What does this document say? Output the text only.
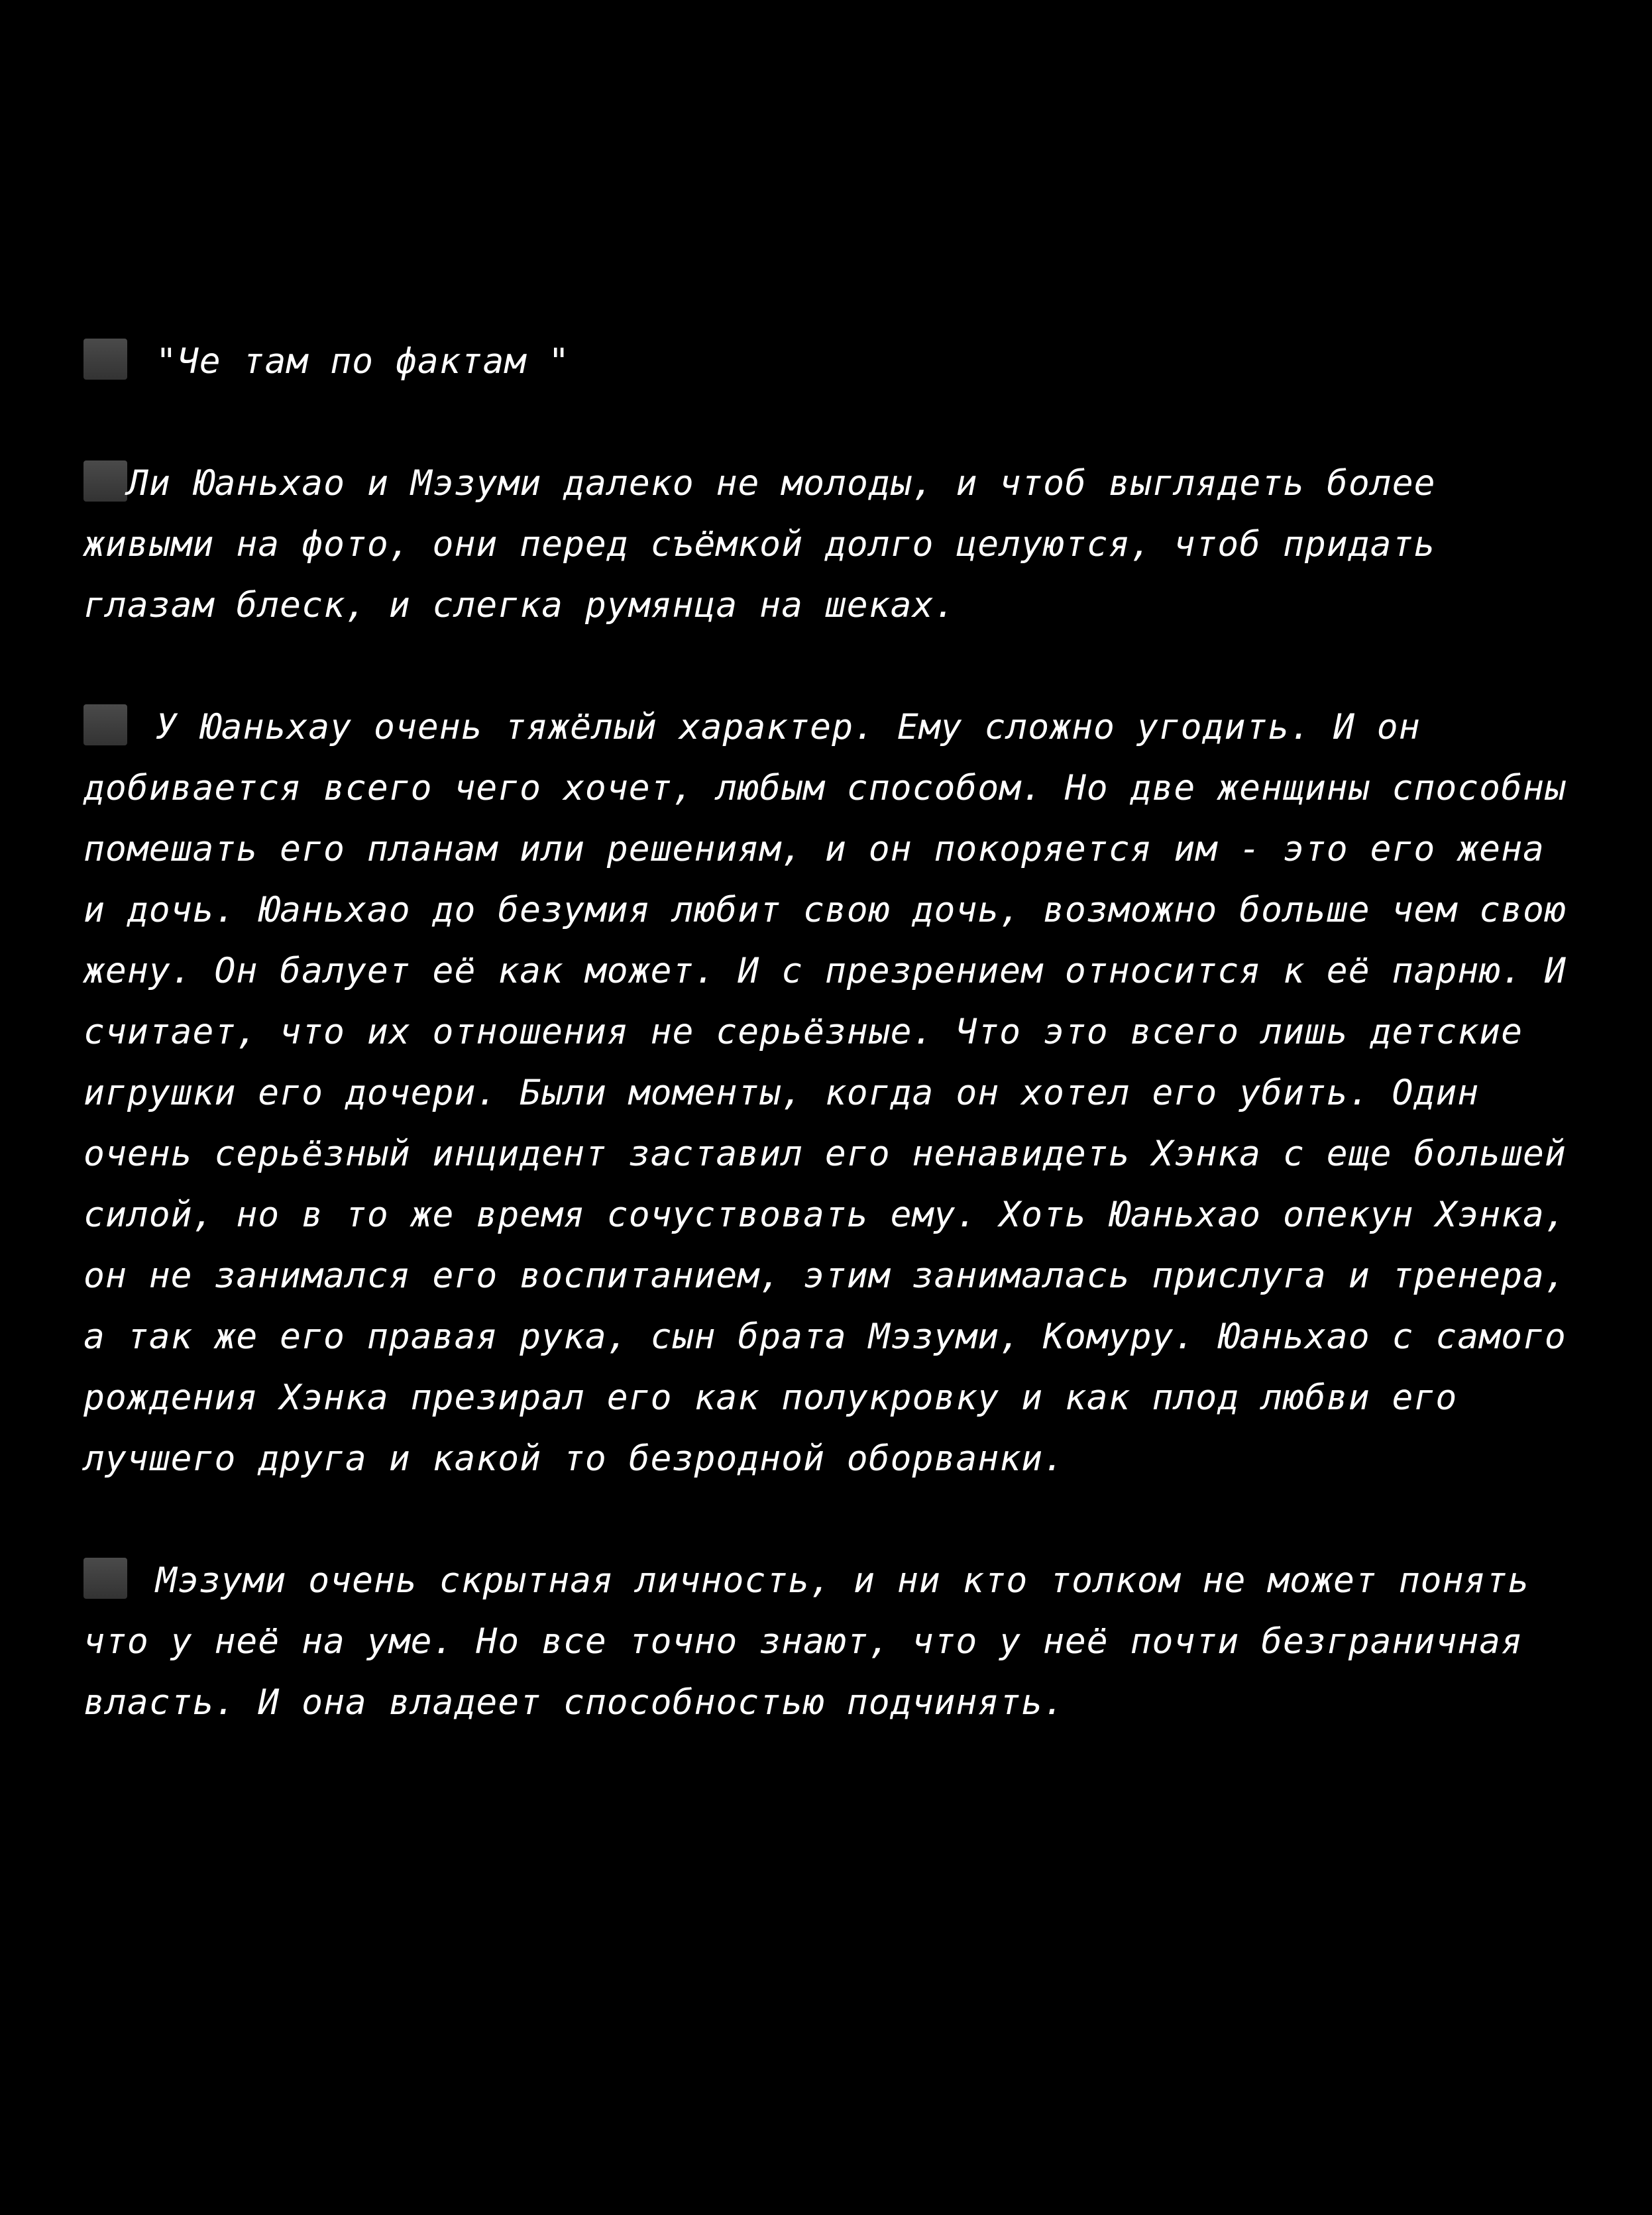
"Че там по фактам "

Ли Юаньхао и Мэзуми далеко не молоды, и чтоб выглядеть более живыми на фото, они перед съёмкой долго целуются, чтоб придать глазам блеск, и слегка румянца на шеках.

У Юаньхау очень тяжёлый характер. Ему сложно угодить. И он добивается всего чего хочет, любым способом. Но две женщины способны помешать его планам или решениям, и он покоряется им - это его жена и дочь. Юаньхао до безумия любит свою дочь, возможно больше чем свою жену. Он балует её как может. И с презрением относится к её парню. И считает, что их отношения не серьёзные. Что это всего лишь детские игрушки его дочери. Были моменты, когда он хотел его убить. Один очень серьёзный инцидент заставил его ненавидеть Хэнка с еще большей силой, но в то же время сочуствовать ему. Хоть Юаньхао опекун Хэнка, он не занимался его воспитанием, этим занималась прислуга и тренера, а так же его правая рука, сын брата Мэзуми, Комуру. Юаньхао с самого рождения Хэнка презирал его как полукровку и как плод любви его лучшего друга и какой то безродной оборванки.

Мэзуми очень скрытная личность, и ни кто толком не может понять что у неё на уме. Но все точно знают, что у неё почти безграничная власть. И она владеет способностью подчинять.
